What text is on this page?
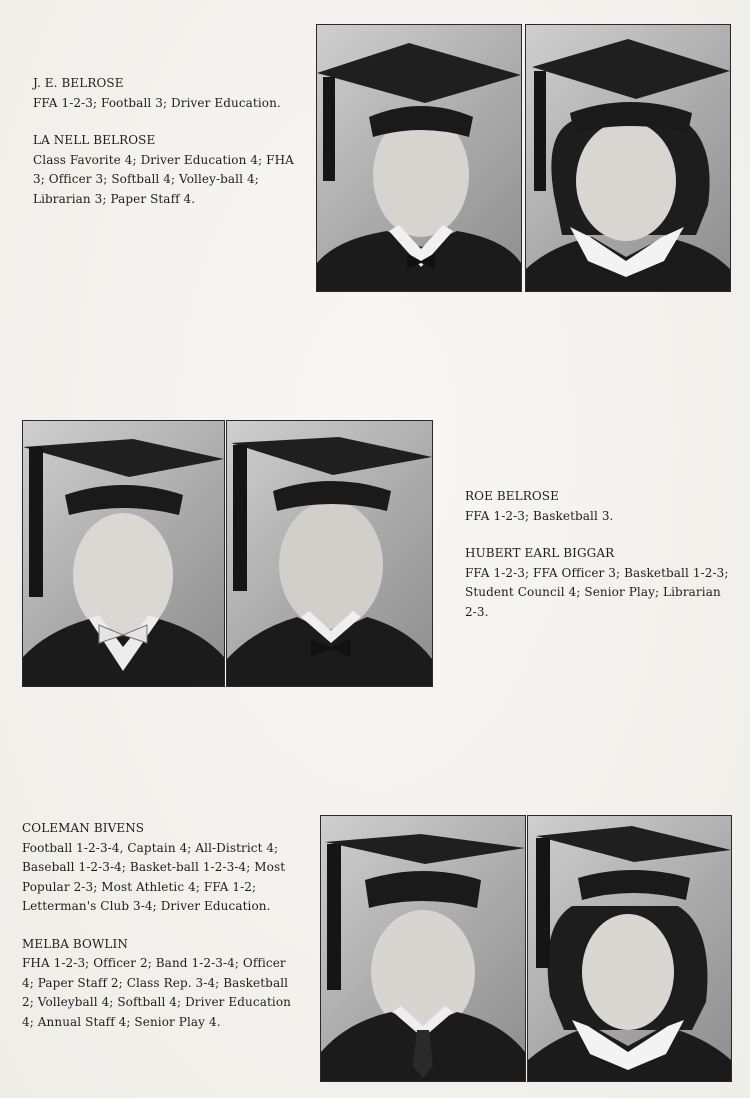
J. E. BELROSE
FFA 1-2-3; Football 3; Driver Education.
LA NELL BELROSE
Class Favorite 4; Driver Education 4; FHA 3; Officer 3; Softball 4; Volley-ball 4; Librarian 3; Paper Staff 4.
ROE BELROSE
FFA 1-2-3; Basketball 3.
HUBERT EARL BIGGAR
FFA 1-2-3; FFA Officer 3; Basketball 1-2-3; Student Council 4; Senior Play; Librarian 2-3.
COLEMAN BIVENS
Football 1-2-3-4, Captain 4; All-District 4; Baseball 1-2-3-4; Basket-ball 1-2-3-4; Most Popular 2-3; Most Athletic 4; FFA 1-2; Letterman's Club 3-4; Driver Education.
MELBA BOWLIN
FHA 1-2-3; Officer 2; Band 1-2-3-4; Officer 4; Paper Staff 2; Class Rep. 3-4; Basketball 2; Volleyball 4; Softball 4; Driver Education 4; Annual Staff 4; Senior Play 4.
